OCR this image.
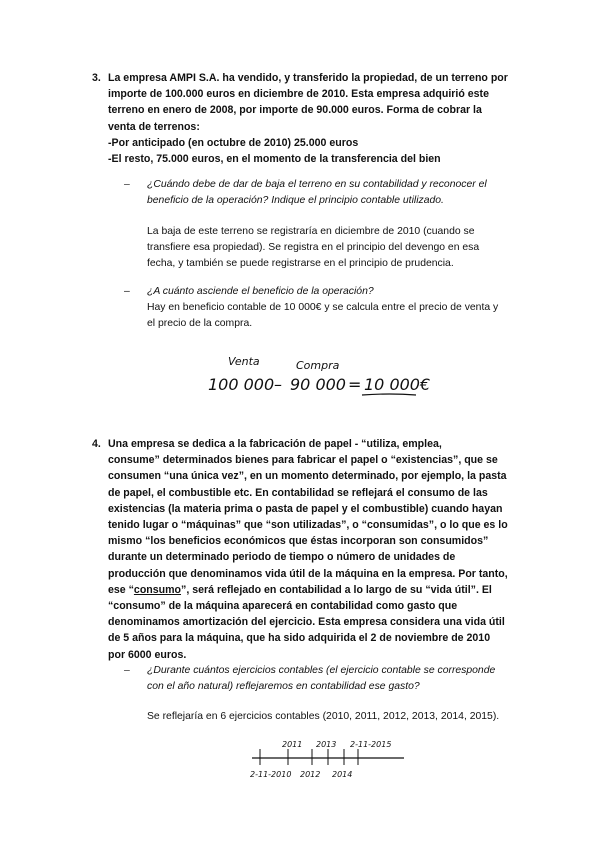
3. La empresa AMPI S.A. ha vendido, y transferido la propiedad, de un terreno por
importe de 100.000 euros en diciembre de 2010. Esta empresa adquirió este
terreno en enero de 2008, por importe de 90.000 euros. Forma de cobrar la
venta de terrenos:
-Por anticipado (en octubre de 2010) 25.000 euros
-El resto, 75.000 euros, en el momento de la transferencia del bien
– ¿Cuándo debe de dar de baja el terreno en su contabilidad y reconocer el
beneficio de la operación? Indique el principio contable utilizado.
La baja de este terreno se registraría en diciembre de 2010 (cuando se
transfiere esa propiedad). Se registra en el principio del devengo en esa
fecha, y también se puede registrarse en el principio de prudencia.
– ¿A cuánto asciende el beneficio de la operación?
Hay en beneficio contable de 10 000€ y se calcula entre el precio de venta y
el precio de la compra.
Venta	Compra
100 000 – 90 000 = 10 000€
4. Una empresa se dedica a la fabricación de papel - “utiliza, emplea,
consume” determinados bienes para fabricar el papel o “existencias”, que se
consumen “una única vez”, en un momento determinado, por ejemplo, la pasta
de papel, el combustible etc. En contabilidad se reflejará el consumo de las
existencias (la materia prima o pasta de papel y el combustible) cuando hayan
tenido lugar o “máquinas” que “son utilizadas”, o “consumidas”, o lo que es lo
mismo “los beneficios económicos que éstas incorporan son consumidos”
durante un determinado periodo de tiempo o número de unidades de
producción que denominamos vida útil de la máquina en la empresa. Por tanto,
ese “consumo”, será reflejado en contabilidad a lo largo de su “vida útil”. El
“consumo” de la máquina aparecerá en contabilidad como gasto que
denominamos amortización del ejercicio. Esta empresa considera una vida útil
de 5 años para la máquina, que ha sido adquirida el 2 de noviembre de 2010
por 6000 euros.
– ¿Durante cuántos ejercicios contables (el ejercicio contable se corresponde
con el año natural) reflejaremos en contabilidad ese gasto?
Se reflejaría en 6 ejercicios contables (2010, 2011, 2012, 2013, 2014, 2015).
2011 2013 2-11-2015
2-11-2010 2012 2014
